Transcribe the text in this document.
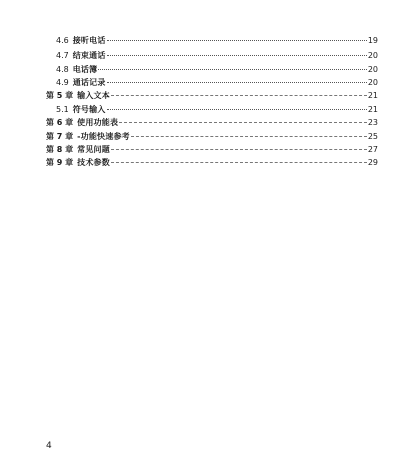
4.6 接听电话	19
4.7 结束通话	20
4.8 电话簿	20
4.9 通话记录	20
第 5 章 输入文本	21
5.1 符号输入	21
第 6 章 使用功能表	23
第 7 章 -功能快速参考	25
第 8 章 常见问题	27
第 9 章 技术参数	29
4
